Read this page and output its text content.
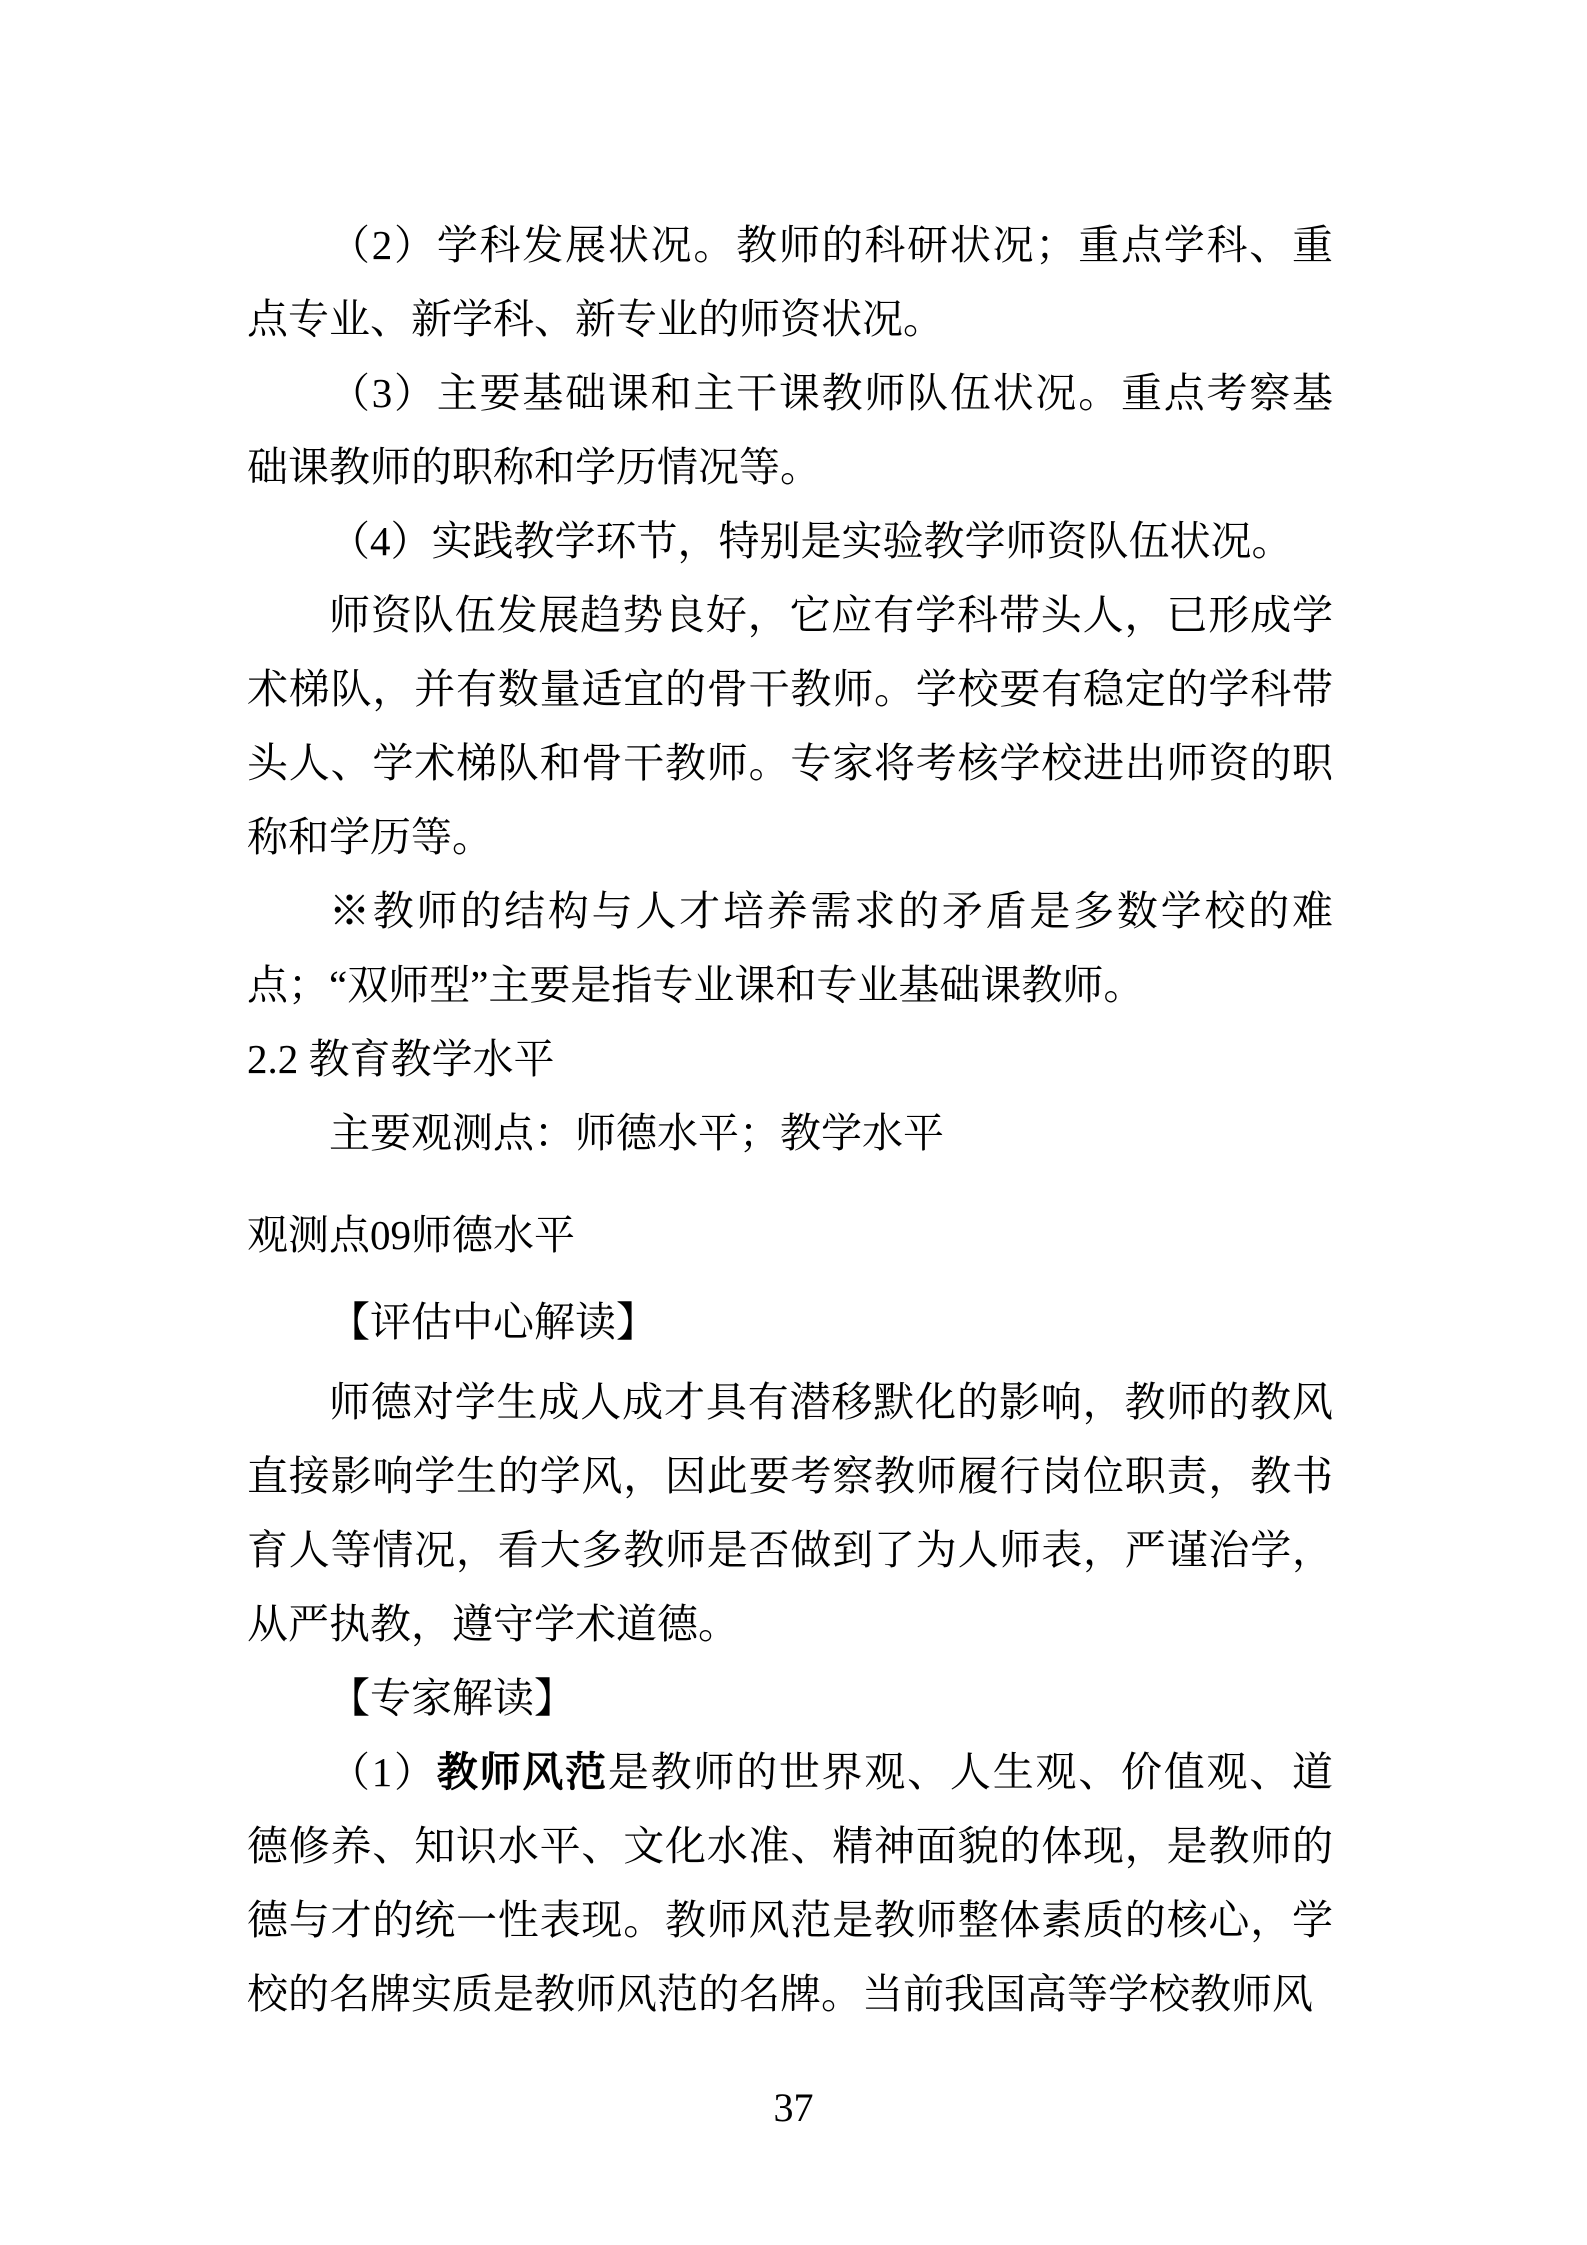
（2）学科发展状况。教师的科研状况；重点学科、重点专业、新学科、新专业的师资状况。

（3）主要基础课和主干课教师队伍状况。重点考察基础课教师的职称和学历情况等。

（4）实践教学环节，特别是实验教学师资队伍状况。

师资队伍发展趋势良好，它应有学科带头人，已形成学术梯队，并有数量适宜的骨干教师。学校要有稳定的学科带头人、学术梯队和骨干教师。专家将考核学校进出师资的职称和学历等。

※教师的结构与人才培养需求的矛盾是多数学校的难点；“双师型”主要是指专业课和专业基础课教师。

2.2 教育教学水平
主要观测点：师德水平；教学水平
观测点09师德水平
【评估中心解读】

师德对学生成人成才具有潜移默化的影响，教师的教风直接影响学生的学风，因此要考察教师履行岗位职责，教书育人等情况，看大多教师是否做到了为人师表，严谨治学，从严执教，遵守学术道德。

【专家解读】

（1）教师风范是教师的世界观、人生观、价值观、道德修养、知识水平、文化水准、精神面貌的体现，是教师的德与才的统一性表现。教师风范是教师整体素质的核心，学校的名牌实质是教师风范的名牌。当前我国高等学校教师风

37
